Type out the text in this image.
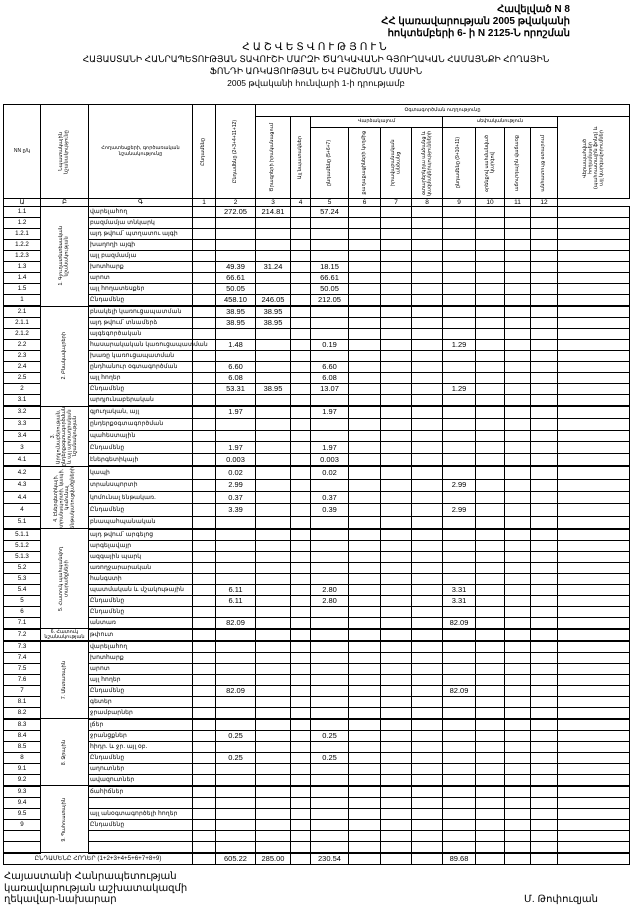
Հավելված N 8
ՀՀ կառավարության 2005 թվականի
հոկտեմբերի 6- ի N 2125-Ն որոշման
ՀԱՇՎԵՏՎՈՒԹՅՈՒՆ
ՀԱՅԱՍՏԱՆԻ ՀԱՆՐԱՊԵՏՈՒԹՅԱՆ ՏԱՎՈՒՇԻ ՄԱՐԶԻ ԾԱՂԿԱՎԱՆԻ ԳՅՈՒՂԱԿԱՆ ՀԱՄԱՅՆՔԻ ՀՈՂԱՅԻՆ
ՖՈՆԴԻ ԱՌԿԱՅՈՒԹՅԱՆ ԵՎ ԲԱՇԽՄԱՆ ՄԱՍԻՆ
2005 թվականի հունվարի 1-ի դրությամբ
NN ը/կ	Նպատակային նշանակությունը	Հողատեսքերի, գործառական նշանակությունը	Ընդամենը	Ընդամենը (2+3+4+11+12)	Օգտագործման ուղղությունը										

					Ծրագրերի իրականացում	Այլ նպատակներ	Վարձակալում				սեփականություն				Վերապահված հողամասեր (պահուստային ֆոնդ) և այլ կարգավորումներ

							ընդամենը (5+6+7)	քաղաքացիների կողմից	իրավաբանական անձանց	օտարերկրյա անձանց և կազմակերպությունների	ընդամենը (9+10+11)	օրենքով սահմանված կարգով	աճուրդային վաճառք	անհատույց օտարում	

Ա	Բ	Գ	1	2	3	4	5	6	7	8	9	10	11	12	
1.1	1. Գյուղատնտեսական նշանակության	վարելահող		272.05	214.81		57.24								
1.2		բազմամյա տնկարկ													
1.2.1		այդ թվում՝ պտղատու այգի													
1.2.2		խաղողի այգի													
1.2.3		այլ բազմամյա													
1.3		խոտհարք		49.39	31.24		18.15								
1.4		արոտ		66.61			66.61								
1.5		այլ հողատեսքեր		50.05			50.05								
1		Ընդամենը		458.10	246.05		212.05								
2.1	2. Բնակավայրերի	բնակելի կառուցապատման		38.95	38.95										
2.1.1		այդ թվում՝ տնամերձ		38.95	38.95										
2.1.2		այգեգործական													
2.2		հասարակական կառուցապատման		1.48			0.19				1.29				
2.3		խառը կառուցապատման													
2.4		ընդհանուր օգտագործման		6.60			6.60								
2.5		այլ հողեր		6.08			6.08								
2		Ընդամենը		53.31	38.95		13.07				1.29				
3.1		արդյունաբերական													
3.2	3. Արդյունաբերության, ընդերքօգտագործման և այլ արտադրական նշանակության	գյուղական, այլ		1.97			1.97								
3.3		ընդերքօգտագործման													
3.4		պահեստային													
3		Ընդամենը		1.97			1.97								
4.1		էներգետիկայի		0.003			0.003								
4.2	4. Էներգետիկայի, տրանսպորտի, կապի, կոմունալ ենթակառուցվածքների	կապի		0.02			0.02								
4.3		տրանսպորտի		2.99							2.99				
4.4		կոմունալ ենթակառ.		0.37			0.37								
4		Ընդամենը		3.39			0.39				2.99				
5.1		բնապահպանական													
5.1.1	5. Հատուկ պահպանվող տարածքների	այդ թվում՝ արգելոց													
5.1.2		արգելավայր													
5.1.3		ազգային պարկ													
5.2		առողջարարական													
5.3		հանգստի													
5.4		պատմական և մշակութային		6.11			2.80				3.31				
5		Ընդամենը		6.11			2.80				3.31				
6		Ընդամենը													
7.1		անտառ		82.09							82.09				
7.2	6. Հատուկ նշանակության	թփուտ													
7.3	7. Անտառային	վարելահող													
7.4		խոտհարք													
7.5		արոտ													
7.6		այլ հողեր													
7		Ընդամենը		82.09							82.09				
8.1		գետեր													
8.2		ջրամբարներ													
8.3	8. Ջրային	լճեր													
8.4		ջրանցքներ		0.25			0.25								
8.5		հիդր. և ջր. այլ օբ.													
8		Ընդամենը		0.25			0.25								
9.1		աղուտներ													
9.2		ավազուտներ													
9.3	9. Պահուստային	ճահիճներ													
9.4															
9.5		այլ անօգտագործելի հողեր													
9		Ընդամենը													

ԸՆԴԱՄԵՆԸ ՀՈՂԵՐ (1+2+3+4+5+6+7+8+9)				605.22	285.00		230.54				89.68				
Հայաստանի Հանրապետության
կառավարության աշխատակազմի
ղեկավար-նախարար	Մ. Թոփուզյան
